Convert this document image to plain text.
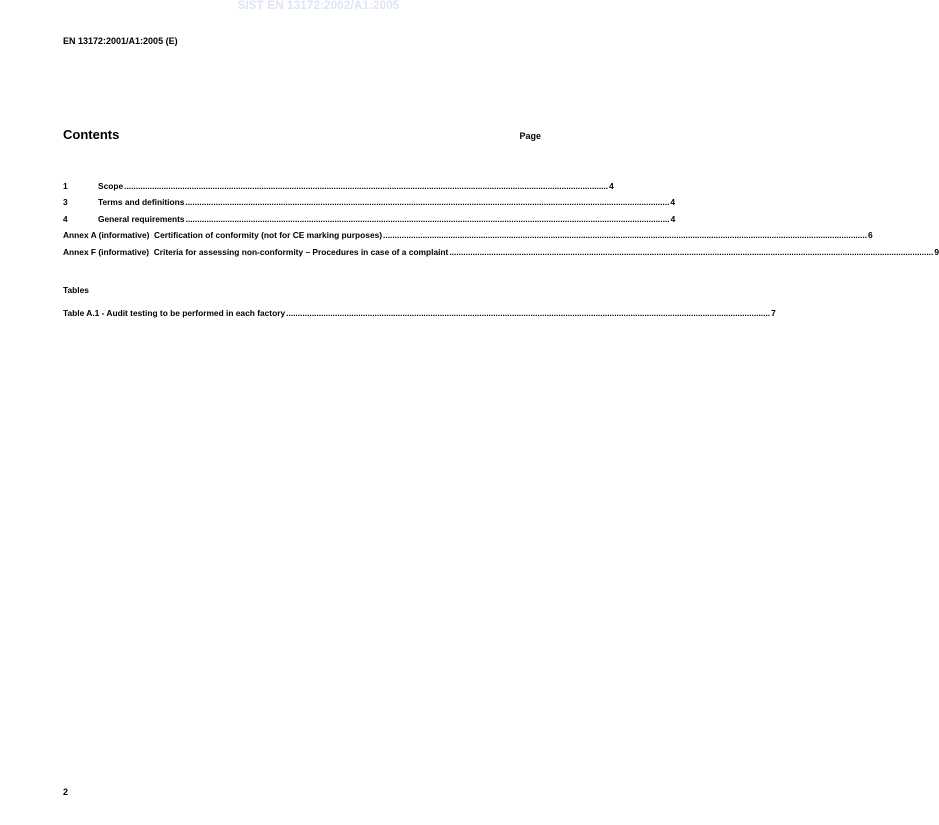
SIST EN 13172:2002/A1:2005
EN 13172:2001/A1:2005 (E)
Contents	Page
1	Scope .....	4
3	Terms and definitions .....	4
4	General requirements .....	4
Annex A (informative)  Certification of conformity (not for CE marking purposes) .....	6
Annex F (informative)  Criteria for assessing non-conformity – Procedures in case of a complaint .....	9
Tables
Table A.1 - Audit testing to be performed in each factory .....	7
2
